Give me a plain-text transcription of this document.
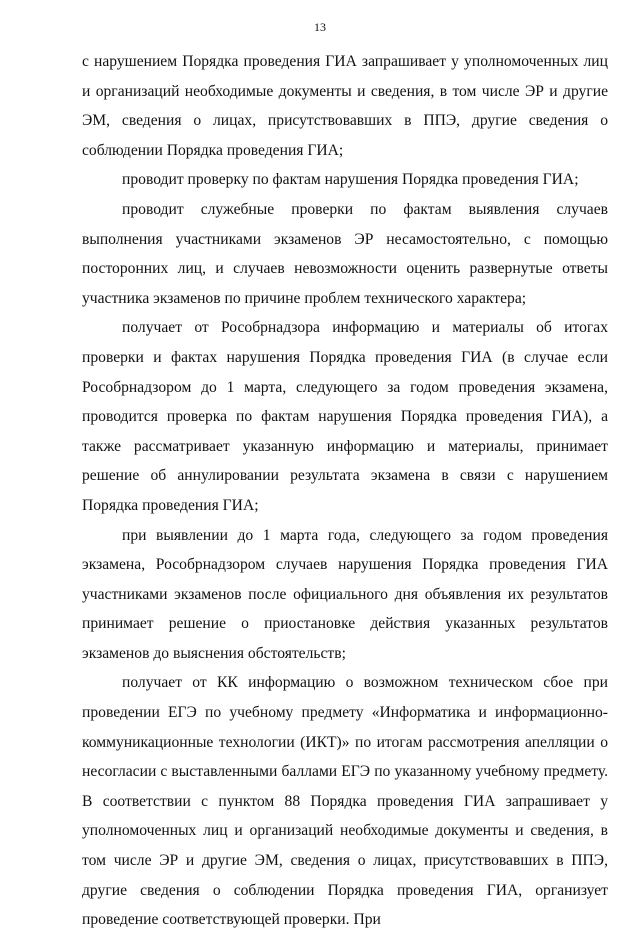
13

с нарушением Порядка проведения ГИА запрашивает у уполномоченных лиц и организаций необходимые документы и сведения, в том числе ЭР и другие ЭМ, сведения о лицах, присутствовавших в ППЭ, другие сведения о соблюдении Порядка проведения ГИА;

проводит проверку по фактам нарушения Порядка проведения ГИА;

проводит служебные проверки по фактам выявления случаев выполнения участниками экзаменов ЭР несамостоятельно, с помощью посторонних лиц, и случаев невозможности оценить развернутые ответы участника экзаменов по причине проблем технического характера;

получает от Рособрнадзора информацию и материалы об итогах проверки и фактах нарушения Порядка проведения ГИА (в случае если Рособрнадзором до 1 марта, следующего за годом проведения экзамена, проводится проверка по фактам нарушения Порядка проведения ГИА), а также рассматривает указанную информацию и материалы, принимает решение об аннулировании результата экзамена в связи с нарушением Порядка проведения ГИА;

при выявлении до 1 марта года, следующего за годом проведения экзамена, Рособрнадзором случаев нарушения Порядка проведения ГИА участниками экзаменов после официального дня объявления их результатов принимает решение о приостановке действия указанных результатов экзаменов до выяснения обстоятельств;

получает от КК информацию о возможном техническом сбое при проведении ЕГЭ по учебному предмету «Информатика и информационно-коммуникационные технологии (ИКТ)» по итогам рассмотрения апелляции о несогласии с выставленными баллами ЕГЭ по указанному учебному предмету. В соответствии с пунктом 88 Порядка проведения ГИА запрашивает у уполномоченных лиц и организаций необходимые документы и сведения, в том числе ЭР и другие ЭМ, сведения о лицах, присутствовавших в ППЭ, другие сведения о соблюдении Порядка проведения ГИА, организует проведение соответствующей проверки. При
